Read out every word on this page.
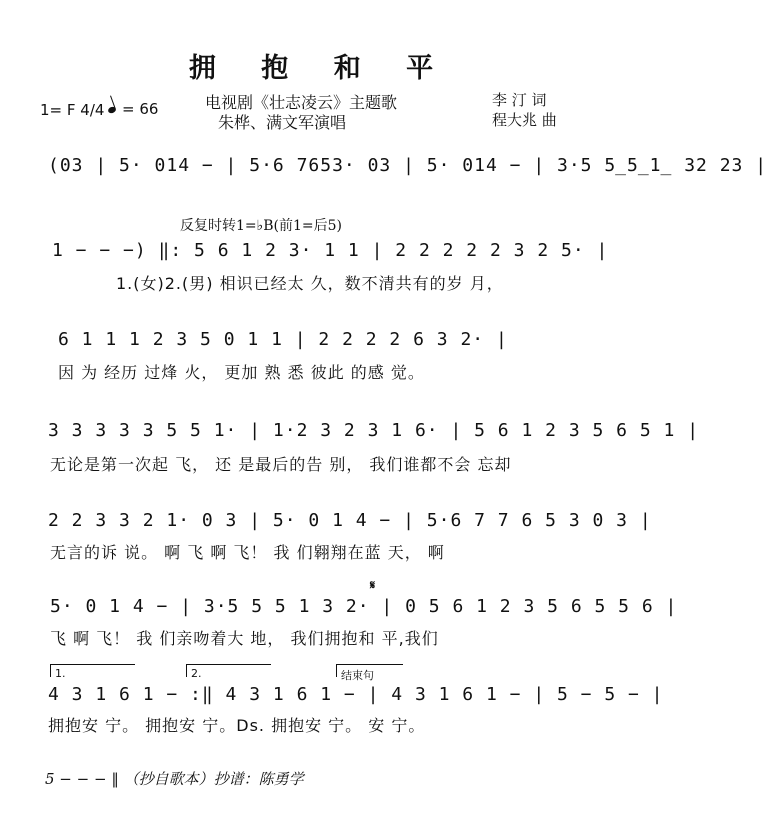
拥 抱 和 平
电视剧《壮志凌云》主题歌
朱桦、满文军演唱
李 汀 词
程大兆 曲
1= F 4/4	= 66
(03 | 5· 014 − | 5·6 7653· 03 | 5· 014 − | 3·5 5̲5̲1̲ 32 23 |
反复时转1=♭B(前1=后5)
1 − − −) ‖: 5 6 1 2 3· 1 1 | 2 2 2 2 2 3 2 5· |
1.(女)2.(男) 相识已经太 久，数不清共有的岁 月，
6 1 1 1 2 3 5 0 1 1 | 2 2 2 2 6 3 2· |
因 为 经历 过烽 火， 更加 熟 悉 彼此 的感 觉。
3 3 3 3 3 5 5 1· | 1·2 3 2 3 1 6· | 5 6 1 2 3 5 6 5 1 |
无论是第一次起 飞， 还 是最后的告 别， 我们谁都不会 忘却
2 2 3 3 2 1· 0 3 | 5· 0 1 4 − | 5·6 7 7 6 5 3 0 3 |
无言的诉 说。 啊 飞 啊 飞！ 我 们翱翔在蓝 天， 啊
𝄋
5· 0 1 4 − | 3·5 5 5 1 3 2· | 0 5 6 1 2 3 5 6 5 5 6 |
飞 啊 飞！ 我 们亲吻着大 地， 我们拥抱和 平,我们
1.	2.	结束句
4 3 1 6 1 − :‖ 4 3 1 6 1 − | 4 3 1 6 1 − | 5 − 5 − |
拥抱安 宁。 拥抱安 宁。Ds. 拥抱安 宁。 安 宁。
5 − − − ‖ （抄自歌本）抄谱：陈勇学
